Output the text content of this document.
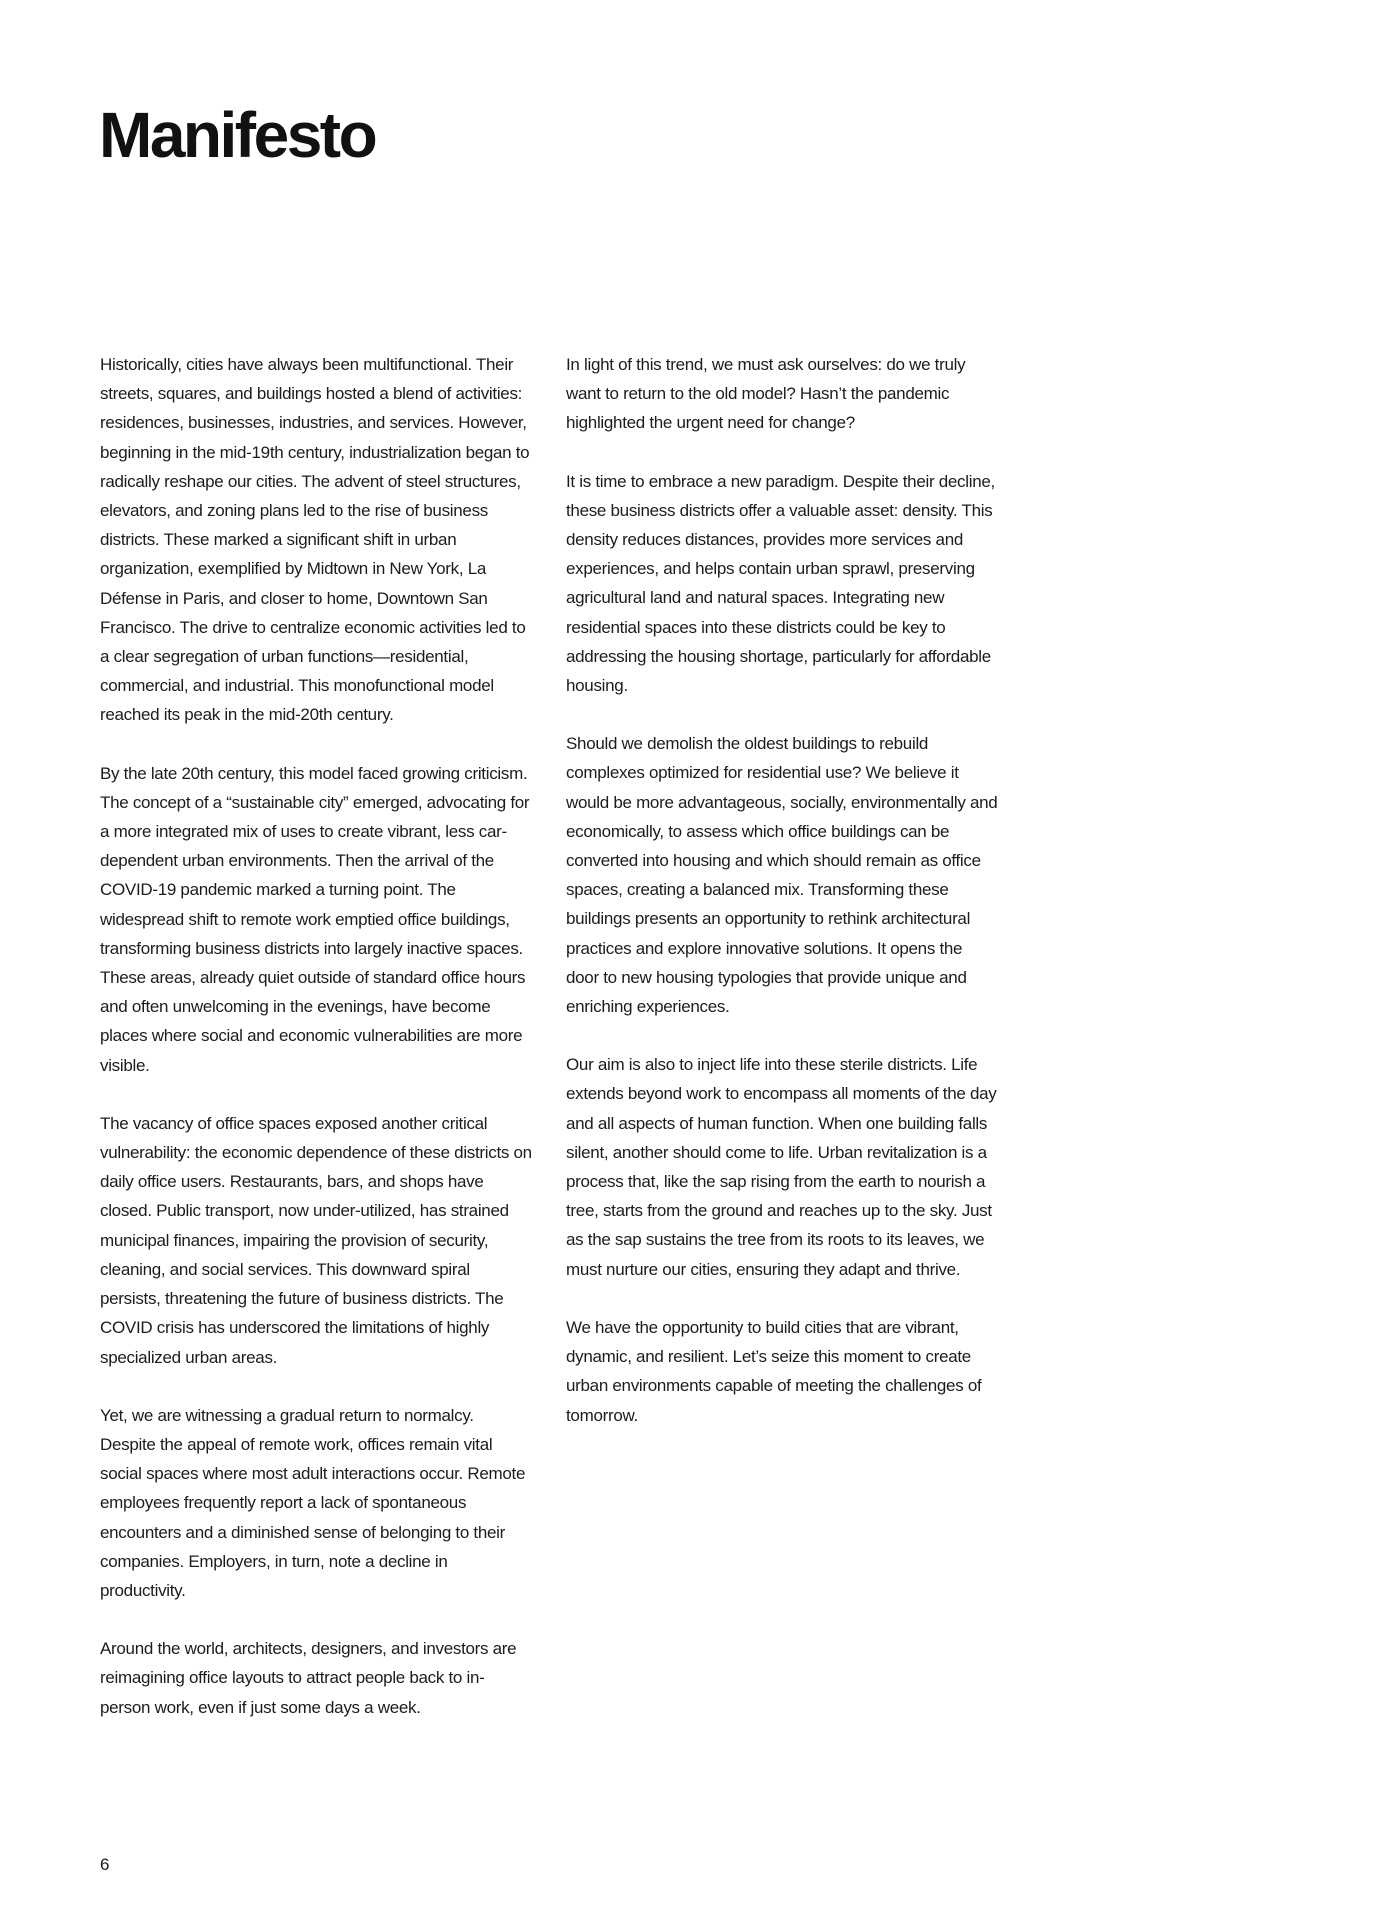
Manifesto

Historically, cities have always been multifunctional. Their streets, squares, and buildings hosted a blend of activities: residences, businesses, industries, and services. However, beginning in the mid-19th century, industrialization began to radically reshape our cities. The advent of steel structures, elevators, and zoning plans led to the rise of business districts. These marked a significant shift in urban organization, exemplified by Midtown in New York, La Défense in Paris, and closer to home, Downtown San Francisco. The drive to centralize economic activities led to a clear segregation of urban functions—residential, commercial, and industrial. This monofunctional model reached its peak in the mid-20th century.

By the late 20th century, this model faced growing criticism. The concept of a “sustainable city” emerged, advocating for a more integrated mix of uses to create vibrant, less car-dependent urban environments. Then the arrival of the COVID-19 pandemic marked a turning point. The widespread shift to remote work emptied office buildings, transforming business districts into largely inactive spaces. These areas, already quiet outside of standard office hours and often unwelcoming in the evenings, have become places where social and economic vulnerabilities are more visible.

The vacancy of office spaces exposed another critical vulnerability: the economic dependence of these districts on daily office users. Restaurants, bars, and shops have closed. Public transport, now under-utilized, has strained municipal finances, impairing the provision of security, cleaning, and social services. This downward spiral persists, threatening the future of business districts. The COVID crisis has underscored the limitations of highly specialized urban areas.

Yet, we are witnessing a gradual return to normalcy. Despite the appeal of remote work, offices remain vital social spaces where most adult interactions occur. Remote employees frequently report a lack of spontaneous encounters and a diminished sense of belonging to their companies. Employers, in turn, note a decline in productivity.

Around the world, architects, designers, and investors are reimagining office layouts to attract people back to in-person work, even if just some days a week.

In light of this trend, we must ask ourselves: do we truly want to return to the old model? Hasn’t the pandemic highlighted the urgent need for change?

It is time to embrace a new paradigm. Despite their decline, these business districts offer a valuable asset: density. This density reduces distances, provides more services and experiences, and helps contain urban sprawl, preserving agricultural land and natural spaces. Integrating new residential spaces into these districts could be key to addressing the housing shortage, particularly for affordable housing.

Should we demolish the oldest buildings to rebuild complexes optimized for residential use? We believe it would be more advantageous, socially, environmentally and economically, to assess which office buildings can be converted into housing and which should remain as office spaces, creating a balanced mix. Transforming these buildings presents an opportunity to rethink architectural practices and explore innovative solutions. It opens the door to new housing typologies that provide unique and enriching experiences.

Our aim is also to inject life into these sterile districts. Life extends beyond work to encompass all moments of the day and all aspects of human function. When one building falls silent, another should come to life. Urban revitalization is a process that, like the sap rising from the earth to nourish a tree, starts from the ground and reaches up to the sky. Just as the sap sustains the tree from its roots to its leaves, we must nurture our cities, ensuring they adapt and thrive.

We have the opportunity to build cities that are vibrant, dynamic, and resilient. Let’s seize this moment to create urban environments capable of meeting the challenges of tomorrow.

6
